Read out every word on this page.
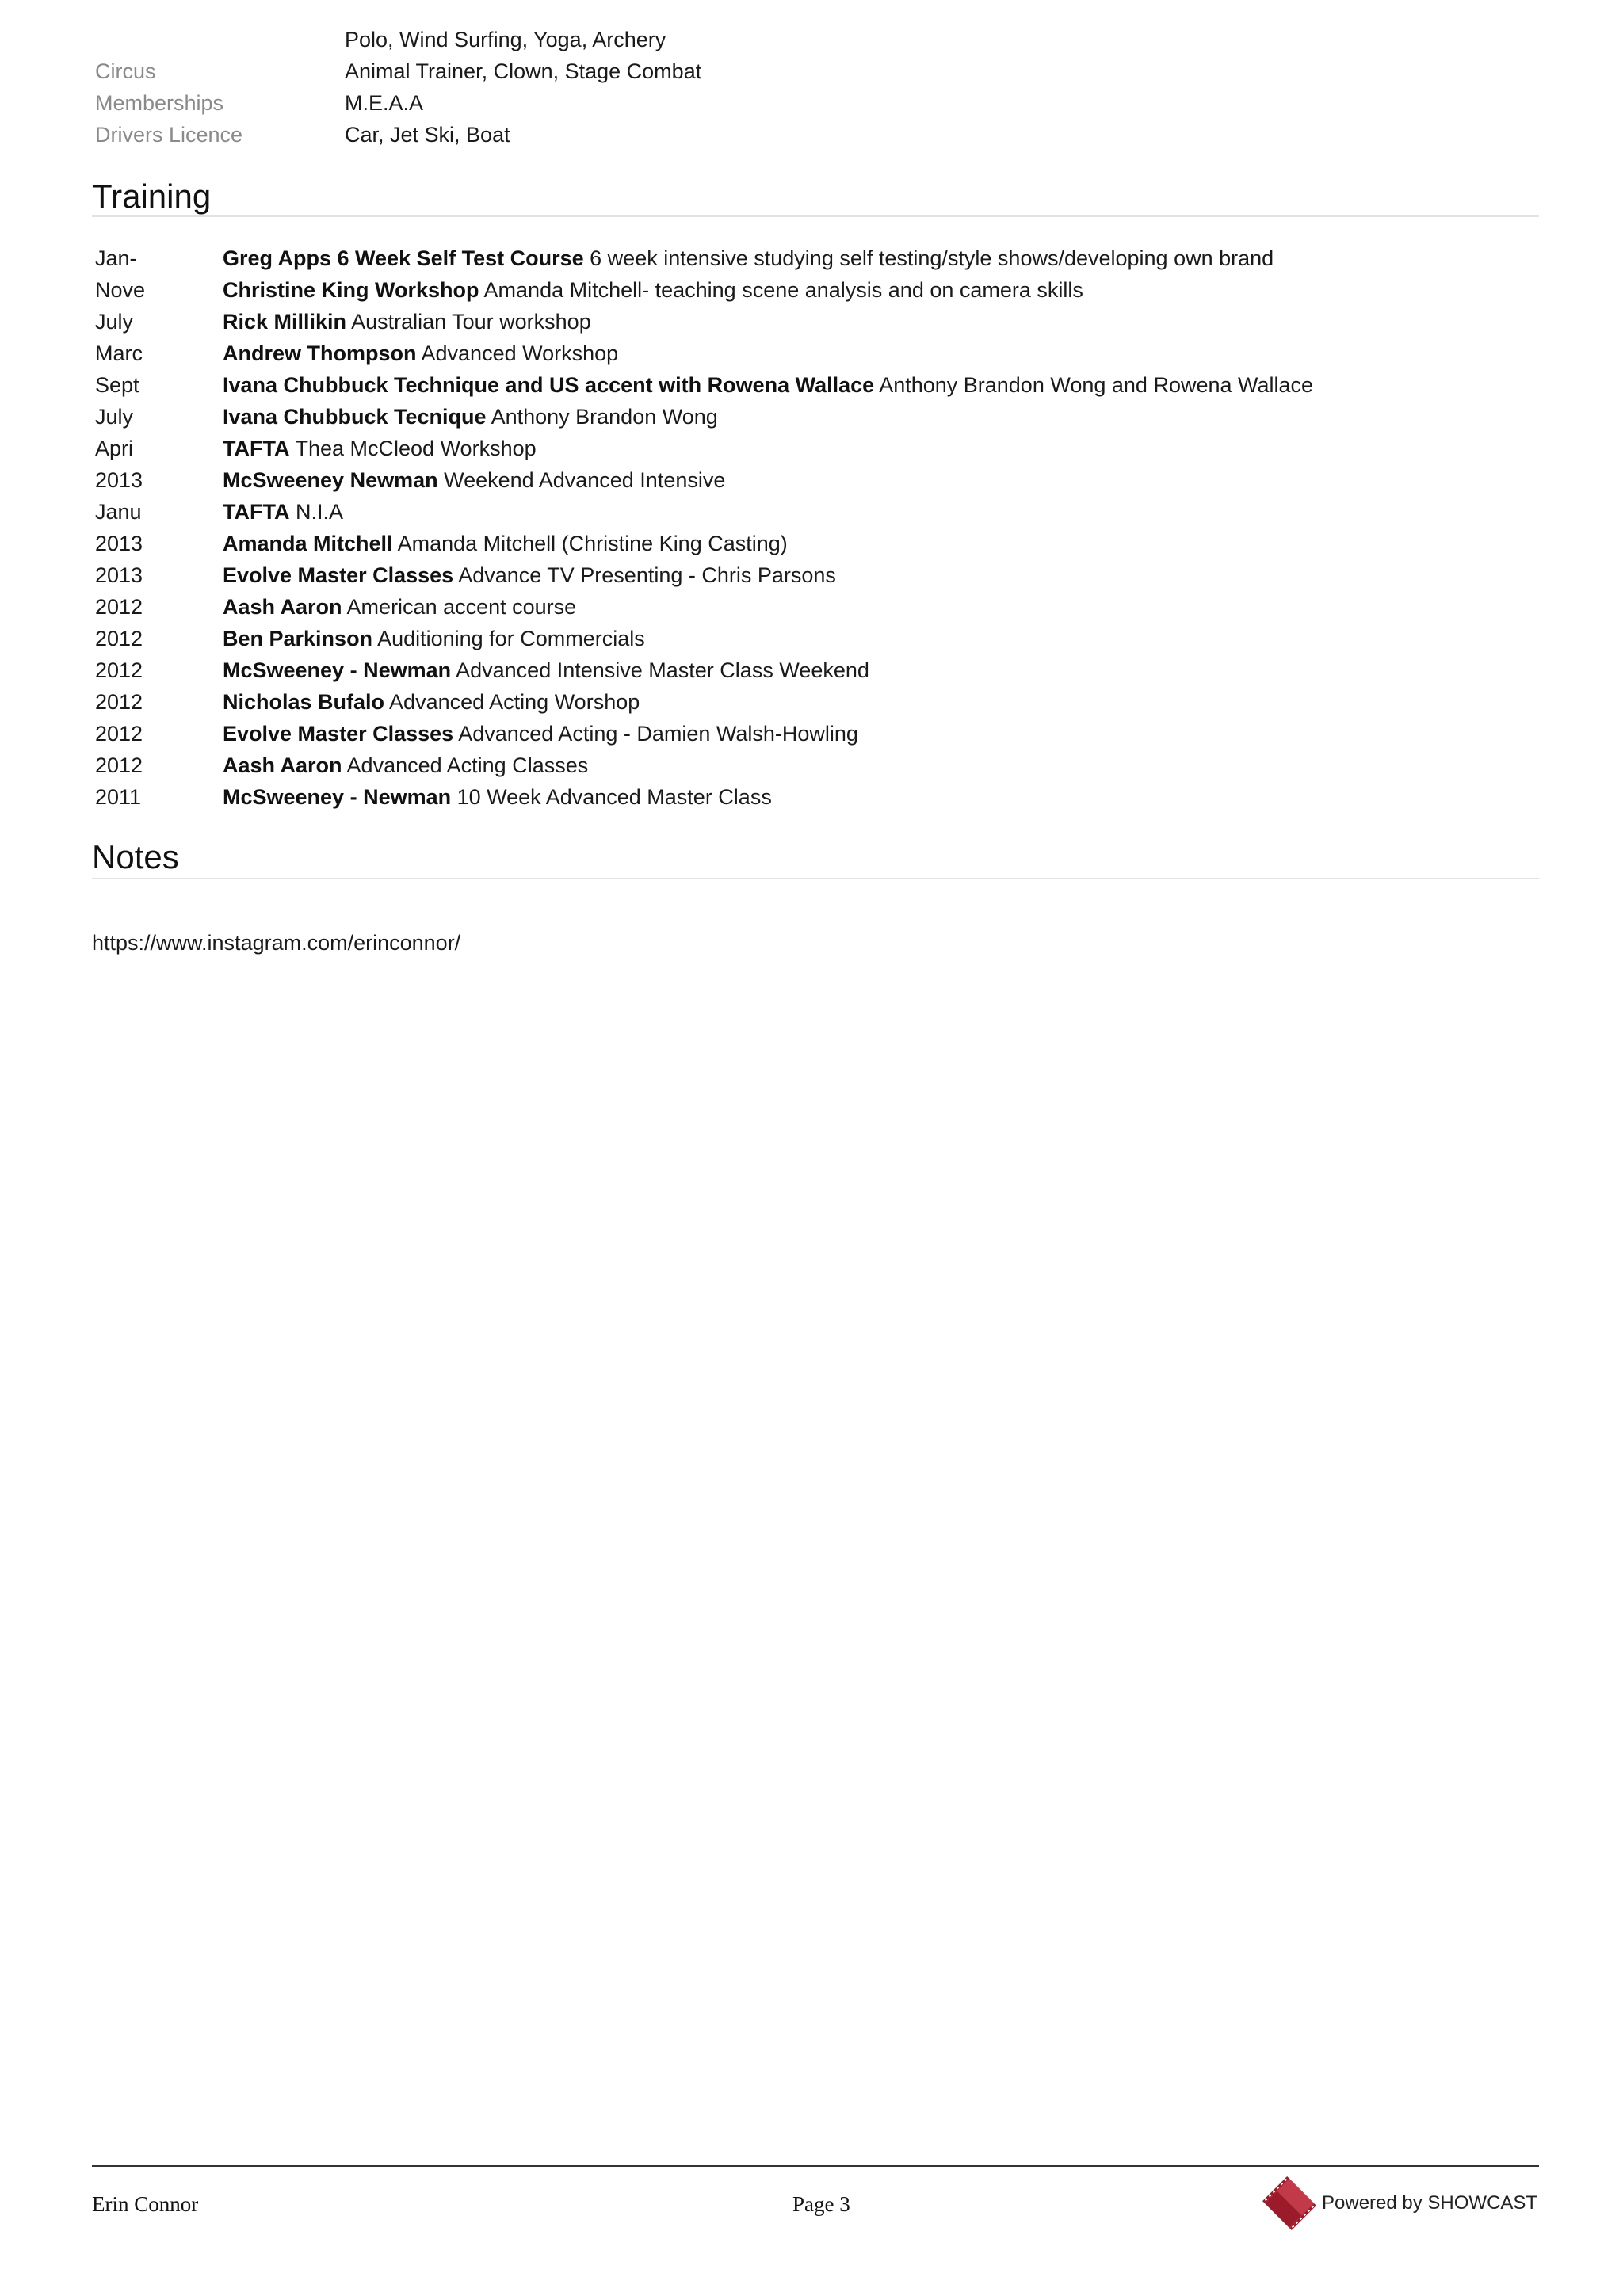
Polo, Wind Surfing, Yoga, Archery
Circus	Animal Trainer, Clown, Stage Combat
Memberships	M.E.A.A
Drivers Licence	Car, Jet Ski, Boat
Training
Jan-	Greg Apps 6 Week Self Test Course 6 week intensive studying self testing/style shows/developing own brand
Nove	Christine King Workshop Amanda Mitchell- teaching scene analysis and on camera skills
July	Rick Millikin Australian Tour workshop
Marc	Andrew Thompson Advanced Workshop
Sept	Ivana Chubbuck Technique and US accent with Rowena Wallace Anthony Brandon Wong and Rowena Wallace
July	Ivana Chubbuck Tecnique Anthony Brandon Wong
Apri	TAFTA Thea McCleod Workshop
2013	McSweeney Newman Weekend Advanced Intensive
Janu	TAFTA N.I.A
2013	Amanda Mitchell Amanda Mitchell (Christine King Casting)
2013	Evolve Master Classes Advance TV Presenting - Chris Parsons
2012	Aash Aaron American accent course
2012	Ben Parkinson Auditioning for Commercials
2012	McSweeney - Newman Advanced Intensive Master Class Weekend
2012	Nicholas Bufalo Advanced Acting Worshop
2012	Evolve Master Classes Advanced Acting - Damien Walsh-Howling
2012	Aash Aaron Advanced Acting Classes
2011	McSweeney - Newman 10 Week Advanced Master Class
Notes
https://www.instagram.com/erinconnor/
Erin Connor	Page 3	Powered by SHOWCAST
